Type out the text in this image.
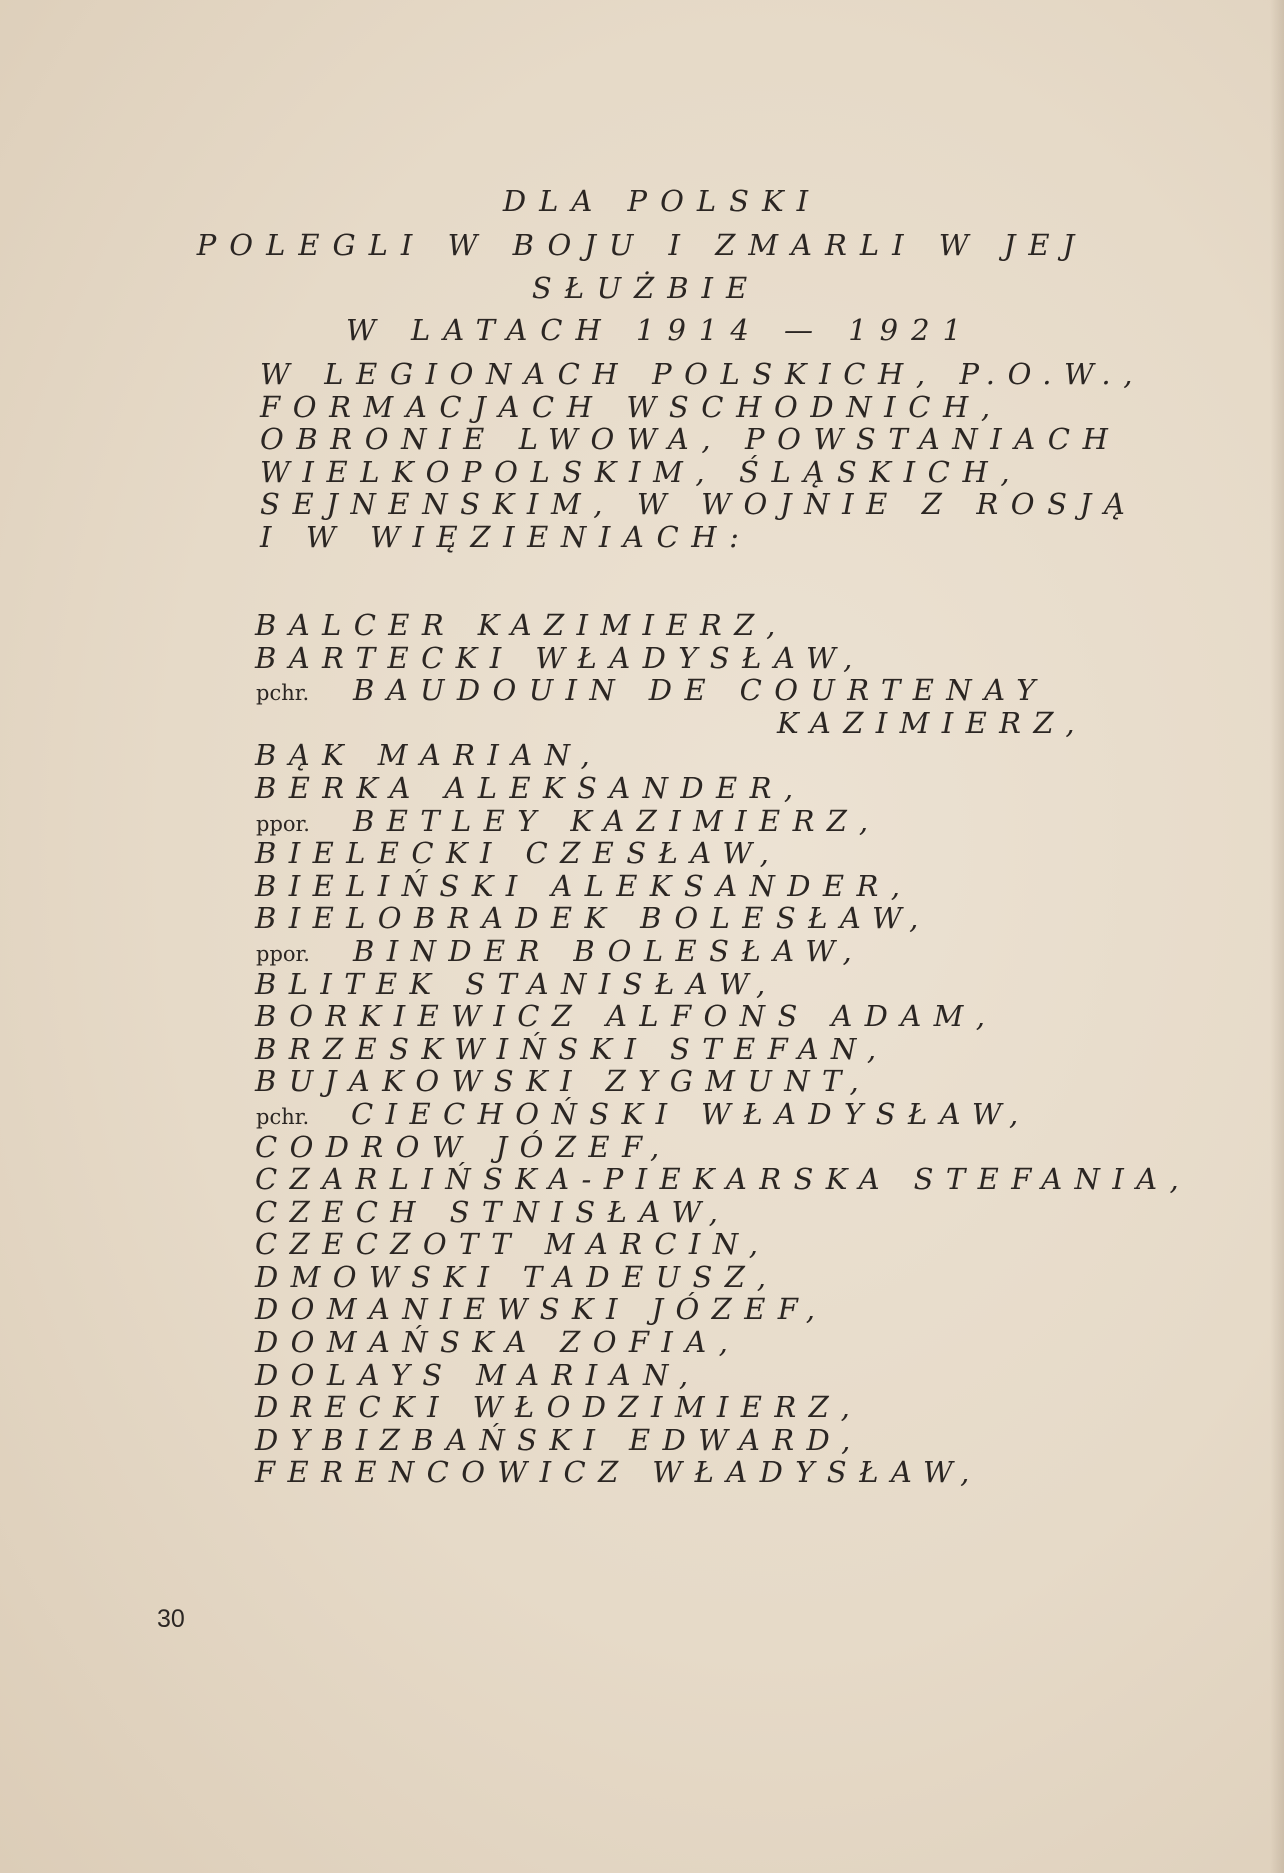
DLA POLSKI
POLEGLI W BOJU I ZMARLI W JEJ
SŁUŻBIE
W LATACH 1914 — 1921
W LEGIONACH POLSKICH, P.O.W.,
FORMACJACH WSCHODNICH,
OBRONIE LWOWA, POWSTANIACH
WIELKOPOLSKIM, ŚLĄSKICH,
SEJNENSKIM, W WOJNIE Z ROSJĄ
I W WIĘZIENIACH:
BALCER KAZIMIERZ,
BARTECKI WŁADYSŁAW,
pchr. BAUDOUIN DE COURTENAY
KAZIMIERZ,
BĄK MARIAN,
BERKA ALEKSANDER,
ppor. BETLEY KAZIMIERZ,
BIELECKI CZESŁAW,
BIELIŃSKI ALEKSANDER,
BIELOBRADEK BOLESŁAW,
ppor. BINDER BOLESŁAW,
BLITEK STANISŁAW,
BORKIEWICZ ALFONS ADAM,
BRZESKWIŃSKI STEFAN,
BUJAKOWSKI ZYGMUNT,
pchr. CIECHOŃSKI WŁADYSŁAW,
CODROW JÓZEF,
CZARLIŃSKA-PIEKARSKA STEFANIA,
CZECH STNISŁAW,
CZECZOTT MARCIN,
DMOWSKI TADEUSZ,
DOMANIEWSKI JÓZEF,
DOMAŃSKA ZOFIA,
DOLAYS MARIAN,
DRECKI WŁODZIMIERZ,
DYBIZBAŃSKI EDWARD,
FERENCOWICZ WŁADYSŁAW,
30
